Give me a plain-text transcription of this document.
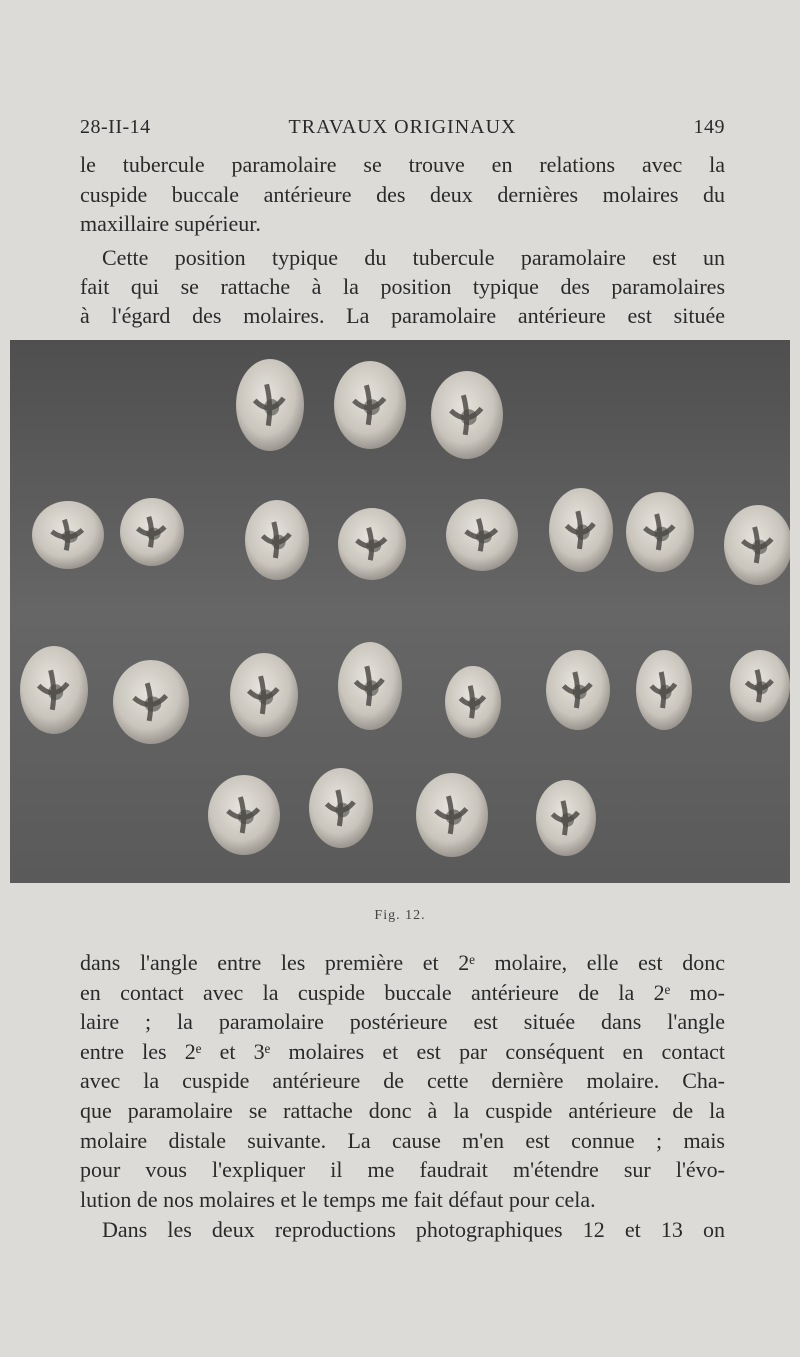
28-II-14	TRAVAUX ORIGINAUX	149
le tubercule paramolaire se trouve en relations avec la
cuspide buccale antérieure des deux dernières molaires du
maxillaire supérieur.
Cette position typique du tubercule paramolaire est un
fait qui se rattache à la position typique des paramolaires
à l'égard des molaires. La paramolaire antérieure est située
Fig. 12.
dans l'angle entre les première et 2ᵉ molaire, elle est donc
en contact avec la cuspide buccale antérieure de la 2ᵉ mo-
laire ; la paramolaire postérieure est située dans l'angle
entre les 2ᵉ et 3ᵉ molaires et est par conséquent en contact
avec la cuspide antérieure de cette dernière molaire. Cha-
que paramolaire se rattache donc à la cuspide antérieure de la
molaire distale suivante. La cause m'en est connue ; mais
pour vous l'expliquer il me faudrait m'étendre sur l'évo-
lution de nos molaires et le temps me fait défaut pour cela.
Dans les deux reproductions photographiques 12 et 13 on
